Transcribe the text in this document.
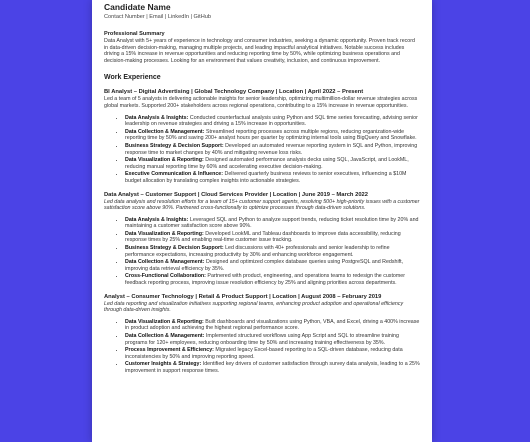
Candidate Name
Contact Number | Email | LinkedIn | GitHub
Professional Summary
Data Analyst with 5+ years of experience in technology and consumer industries, seeking a dynamic opportunity. Proven track record in data-driven decision-making, managing multiple projects, and leading impactful analytical initiatives. Notable success includes driving a 15% increase in revenue opportunities and reducing reporting time by 50%, while optimizing business operations and decision-making processes. Looking for an environment that values creativity, inclusion, and continuous improvement.
Work Experience
BI Analyst – Digital Advertising | Global Technology Company | Location | April 2022 – Present
Led a team of 5 analysts in delivering actionable insights for senior leadership, optimizing multimillion-dollar revenue strategies across global markets. Supported 200+ stakeholders across regional operations, contributing to a 15% increase in revenue opportunities.
• Data Analysis & Insights: Conducted counterfactual analysis using Python and SQL time series forecasting, advising senior leadership on revenue strategies and driving a 15% increase in opportunities.
• Data Collection & Management: Streamlined reporting processes across multiple regions, reducing organization-wide reporting time by 50% and saving 200+ analyst hours per quarter by optimizing internal tools using BigQuery and Snowflake.
• Business Strategy & Decision Support: Developed an automated revenue reporting system in SQL and Python, improving response time to market changes by 40% and mitigating revenue loss risks.
• Data Visualization & Reporting: Designed automated performance analysis decks using SQL, JavaScript, and LookML, reducing manual reporting time by 60% and accelerating executive decision-making.
• Executive Communication & Influence: Delivered quarterly business reviews to senior executives, influencing a $10M budget allocation by translating complex insights into actionable strategies.
Data Analyst – Customer Support | Cloud Services Provider | Location | June 2019 – March 2022
Led data analysis and resolution efforts for a team of 15+ customer support agents, resolving 500+ high-priority issues with a customer satisfaction score above 90%. Partnered cross-functionally to optimize processes through data-driven solutions.
• Data Analysis & Insights: Leveraged SQL and Python to analyze support trends, reducing ticket resolution time by 20% and maintaining a customer satisfaction score above 90%.
• Data Visualization & Reporting: Developed LookML and Tableau dashboards to improve data accessibility, reducing response times by 25% and enabling real-time customer issue tracking.
• Business Strategy & Decision Support: Led discussions with 40+ professionals and senior leadership to refine performance expectations, increasing productivity by 30% and enhancing workforce engagement.
• Data Collection & Management: Designed and optimized complex database queries using PostgreSQL and Redshift, improving data retrieval efficiency by 35%.
• Cross-Functional Collaboration: Partnered with product, engineering, and operations teams to redesign the customer feedback reporting process, improving issue resolution efficiency by 25% and aligning priorities across departments.
Analyst – Consumer Technology | Retail & Product Support | Location | August 2008 – February 2019
Led data reporting and visualization initiatives supporting regional teams, enhancing product adoption and operational efficiency through data-driven insights.
• Data Visualization & Reporting: Built dashboards and visualizations using Python, VBA, and Excel, driving a 400% increase in product adoption and achieving the highest regional performance score.
• Data Collection & Management: Implemented structured workflows using App Script and SQL to streamline training programs for 120+ employees, reducing onboarding time by 50% and increasing training effectiveness by 35%.
• Process Improvement & Efficiency: Migrated legacy Excel-based reporting to a SQL-driven database, reducing data inconsistencies by 50% and improving reporting speed.
• Customer Insights & Strategy: Identified key drivers of customer satisfaction through survey data analysis, leading to a 25% improvement in support response times.
